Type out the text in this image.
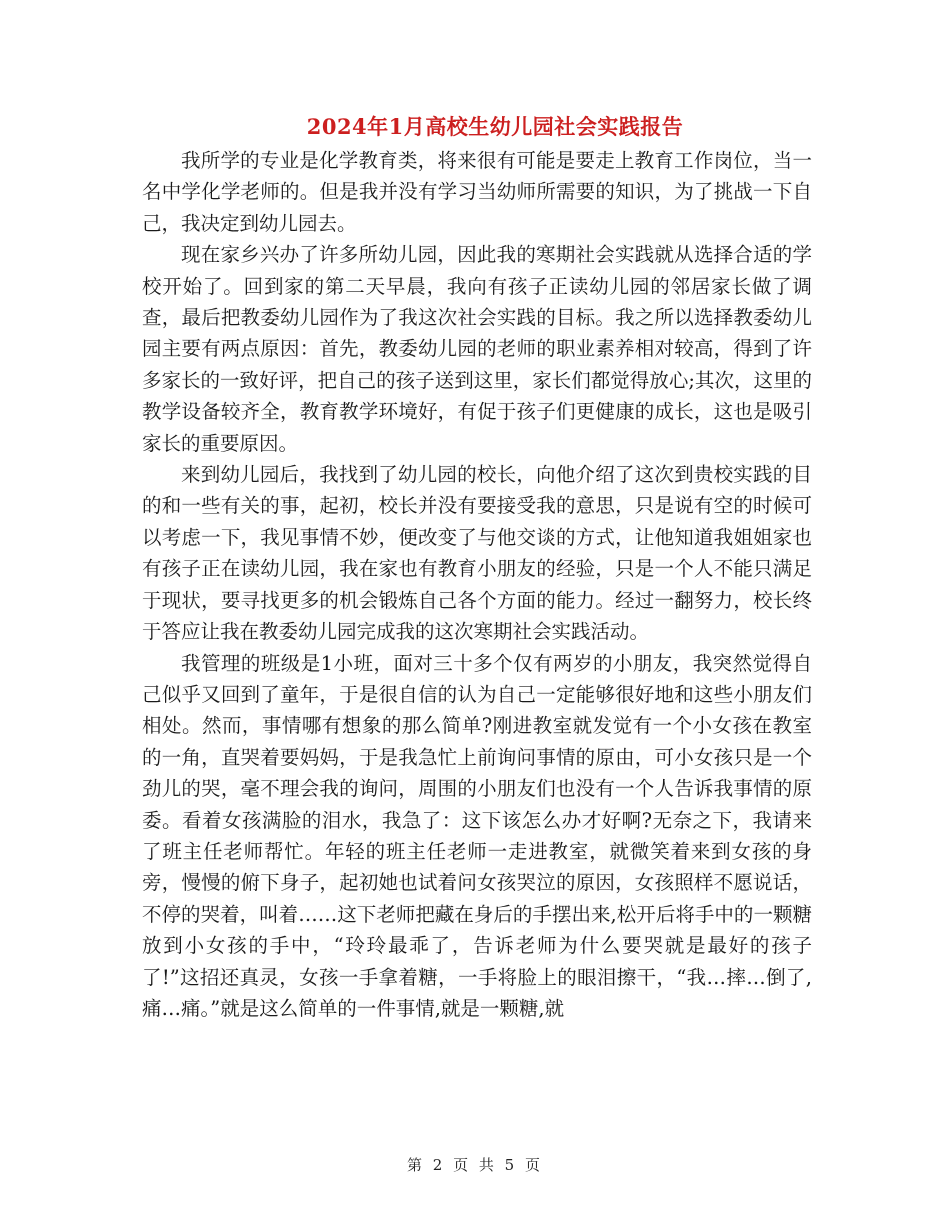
2024年1月高校生幼儿园社会实践报告

我所学的专业是化学教育类，将来很有可能是要走上教育工作岗位，当一名中学化学老师的。但是我并没有学习当幼师所需要的知识，为了挑战一下自己，我决定到幼儿园去。

现在家乡兴办了许多所幼儿园，因此我的寒期社会实践就从选择合适的学校开始了。回到家的第二天早晨，我向有孩子正读幼儿园的邻居家长做了调查，最后把教委幼儿园作为了我这次社会实践的目标。我之所以选择教委幼儿园主要有两点原因：首先，教委幼儿园的老师的职业素养相对较高，得到了许多家长的一致好评，把自己的孩子送到这里，家长们都觉得放心;其次，这里的教学设备较齐全，教育教学环境好，有促于孩子们更健康的成长，这也是吸引家长的重要原因。

来到幼儿园后，我找到了幼儿园的校长，向他介绍了这次到贵校实践的目的和一些有关的事，起初，校长并没有要接受我的意思，只是说有空的时候可以考虑一下，我见事情不妙，便改变了与他交谈的方式，让他知道我姐姐家也有孩子正在读幼儿园，我在家也有教育小朋友的经验，只是一个人不能只满足于现状，要寻找更多的机会锻炼自己各个方面的能力。经过一翻努力，校长终于答应让我在教委幼儿园完成我的这次寒期社会实践活动。

我管理的班级是1小班，面对三十多个仅有两岁的小朋友，我突然觉得自己似乎又回到了童年，于是很自信的认为自己一定能够很好地和这些小朋友们相处。然而，事情哪有想象的那么简单?刚进教室就发觉有一个小女孩在教室的一角，直哭着要妈妈，于是我急忙上前询问事情的原由，可小女孩只是一个劲儿的哭，毫不理会我的询问，周围的小朋友们也没有一个人告诉我事情的原委。看着女孩满脸的泪水，我急了：这下该怎么办才好啊?无奈之下，我请来了班主任老师帮忙。年轻的班主任老师一走进教室，就微笑着来到女孩的身旁，慢慢的俯下身子，起初她也试着问女孩哭泣的原因，女孩照样不愿说话，不停的哭着，叫着……这下老师把藏在身后的手摆出来,松开后将手中的一颗糖放到小女孩的手中，“玲玲最乖了，告诉老师为什么要哭就是最好的孩子了!”这招还真灵，女孩一手拿着糖，一手将脸上的眼泪擦干，“我…摔…倒了,痛…痛。”就是这么简单的一件事情,就是一颗糖,就

第 2 页 共 5 页
